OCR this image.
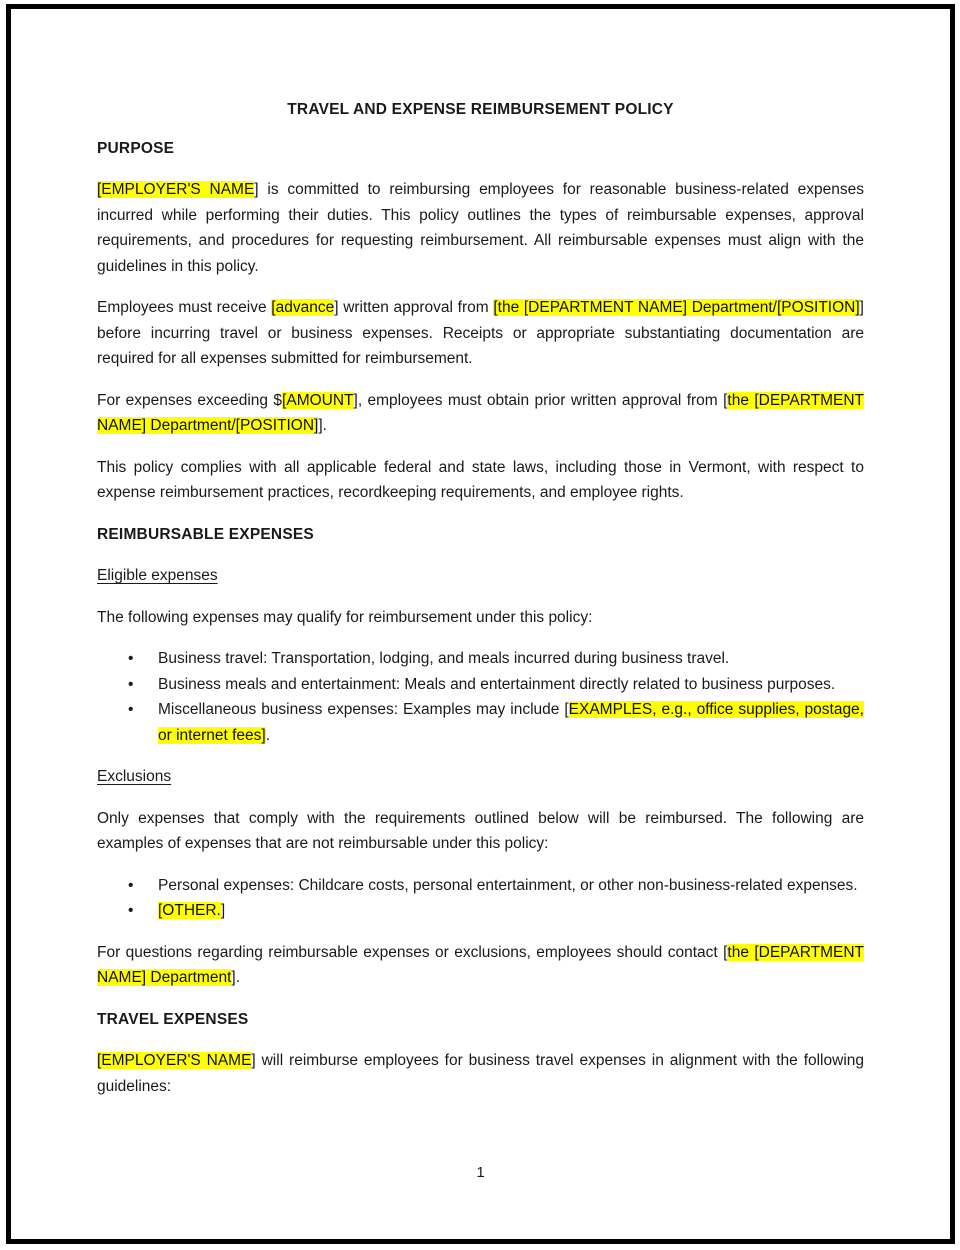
TRAVEL AND EXPENSE REIMBURSEMENT POLICY

PURPOSE

[EMPLOYER'S NAME] is committed to reimbursing employees for reasonable business-related expenses incurred while performing their duties. This policy outlines the types of reimbursable expenses, approval requirements, and procedures for requesting reimbursement. All reimbursable expenses must align with the guidelines in this policy.

Employees must receive [advance] written approval from [the [DEPARTMENT NAME] Department/[POSITION]] before incurring travel or business expenses. Receipts or appropriate substantiating documentation are required for all expenses submitted for reimbursement.

For expenses exceeding $[AMOUNT], employees must obtain prior written approval from [the [DEPARTMENT NAME] Department/[POSITION]].

This policy complies with all applicable federal and state laws, including those in Vermont, with respect to expense reimbursement practices, recordkeeping requirements, and employee rights.

REIMBURSABLE EXPENSES

Eligible expenses

The following expenses may qualify for reimbursement under this policy:

• Business travel: Transportation, lodging, and meals incurred during business travel.
• Business meals and entertainment: Meals and entertainment directly related to business purposes.
• Miscellaneous business expenses: Examples may include [EXAMPLES, e.g., office supplies, postage, or internet fees].

Exclusions

Only expenses that comply with the requirements outlined below will be reimbursed. The following are examples of expenses that are not reimbursable under this policy:

• Personal expenses: Childcare costs, personal entertainment, or other non-business-related expenses.
• [OTHER.]

For questions regarding reimbursable expenses or exclusions, employees should contact [the [DEPARTMENT NAME] Department].

TRAVEL EXPENSES

[EMPLOYER'S NAME] will reimburse employees for business travel expenses in alignment with the following guidelines:

1
